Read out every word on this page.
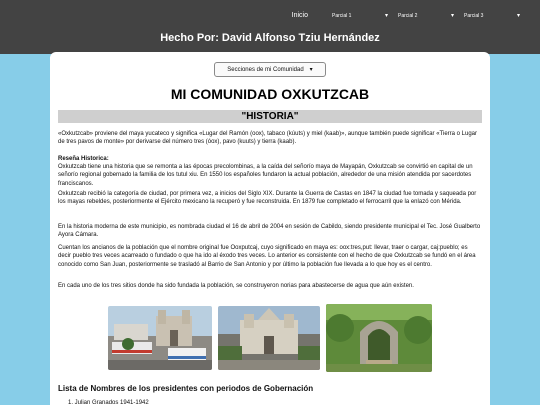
Inicio	Parcial 1	▾ Parcial 2	▾ Parcial 3	▾
Hecho Por: David Alfonso Tziu Hernández
Secciones de mi Comunidad ▾
MI COMUNIDAD OXKUTZCAB
"HISTORIA"

«Oxkutzcab» proviene del maya yucateco y significa «Lugar del Ramón (oox), tabaco (kúuts) y miel (kaab)», aunque también puede significar «Tierra o Lugar de tres pavos de monte» por derivarse del número tres (óox), pavo (kuuts) y tierra (kaab).

Reseña Historica:

Oxkutzcab tiene una historia que se remonta a las épocas precolombinas, a la caída del señorío maya de Mayapán, Oxkutzcab se convirtió en capital de un señorío regional gobernado la familia de los tutul xiu. En 1550 los españoles fundaron la actual población, alrededor de una misión atendida por sacerdotes franciscanos.

Oxkutzcab recibió la categoría de ciudad, por primera vez, a inicios del Siglo XIX. Durante la Guerra de Castas en 1847 la ciudad fue tomada y saqueada por los mayas rebeldes, posteriormente el Ejército mexicano la recuperó y fue reconstruida. En 1879 fue completado el ferrocarril que la enlazó con Mérida.

En la historia moderna de este municipio, es nombrada ciudad el 16 de abril de 2004 en sesión de Cabildo, siendo presidente municipal el Tec. José Gualberto Ayora Cámara.

Cuentan los ancianos de la población que el nombre original fue Ooxputcaj, cuyo significado en maya es: oox:tres,put: llevar, traer o cargar, caj:pueblo; es decir pueblo tres veces acarreado o fundado o que ha ido al éxodo tres veces. Lo anterior es consistente con el hecho de que Oxkutzcab se fundó en el área conocido como San Juan, posteriormente se trasladó al Barrio de San Antonio y por último la población fue llevada a lo que hoy es el centro.

En cada uno de los tres sitios donde ha sido fundada la población, se construyeron norias para abastecerse de agua que aún existen.

Lista de Nombres de los presidentes con periodos de Gobernación
1. Julian Granados 1941-1942
